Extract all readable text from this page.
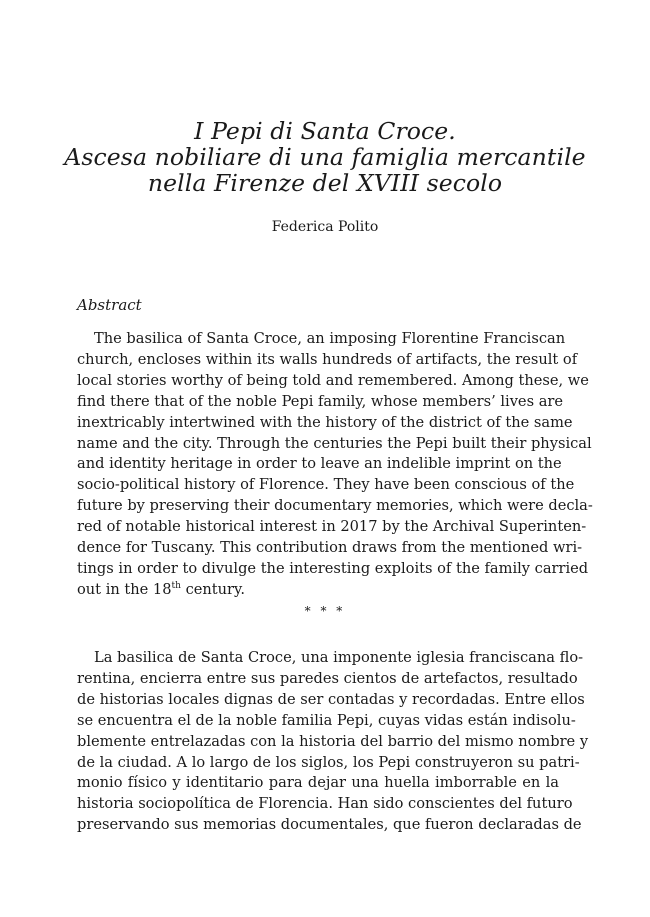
I Pepi di Santa Croce.
Ascesa nobiliare di una famiglia mercantile
nella Firenze del XVIII secolo
Federica Polito
Abstract
The basilica of Santa Croce, an imposing Florentine Franciscan
church, encloses within its walls hundreds of artifacts, the result of
local stories worthy of being told and remembered. Among these, we
find there that of the noble Pepi family, whose members’ lives are
inextricably intertwined with the history of the district of the same
name and the city. Through the centuries the Pepi built their physical
and identity heritage in order to leave an indelible imprint on the
socio-political history of Florence. They have been conscious of the
future by preserving their documentary memories, which were decla-
red of notable historical interest in 2017 by the Archival Superinten-
dence for Tuscany. This contribution draws from the mentioned wri-
tings in order to divulge the interesting exploits of the family carried
out in the 18th century.
* * *
La basilica de Santa Croce, una imponente iglesia franciscana flo-
rentina, encierra entre sus paredes cientos de artefactos, resultado
de historias locales dignas de ser contadas y recordadas. Entre ellos
se encuentra el de la noble familia Pepi, cuyas vidas están indisolu-
blemente entrelazadas con la historia del barrio del mismo nombre y
de la ciudad. A lo largo de los siglos, los Pepi construyeron su patri-
monio físico y identitario para dejar una huella imborrable en la
historia sociopolítica de Florencia. Han sido conscientes del futuro
preservando sus memorias documentales, que fueron declaradas de
